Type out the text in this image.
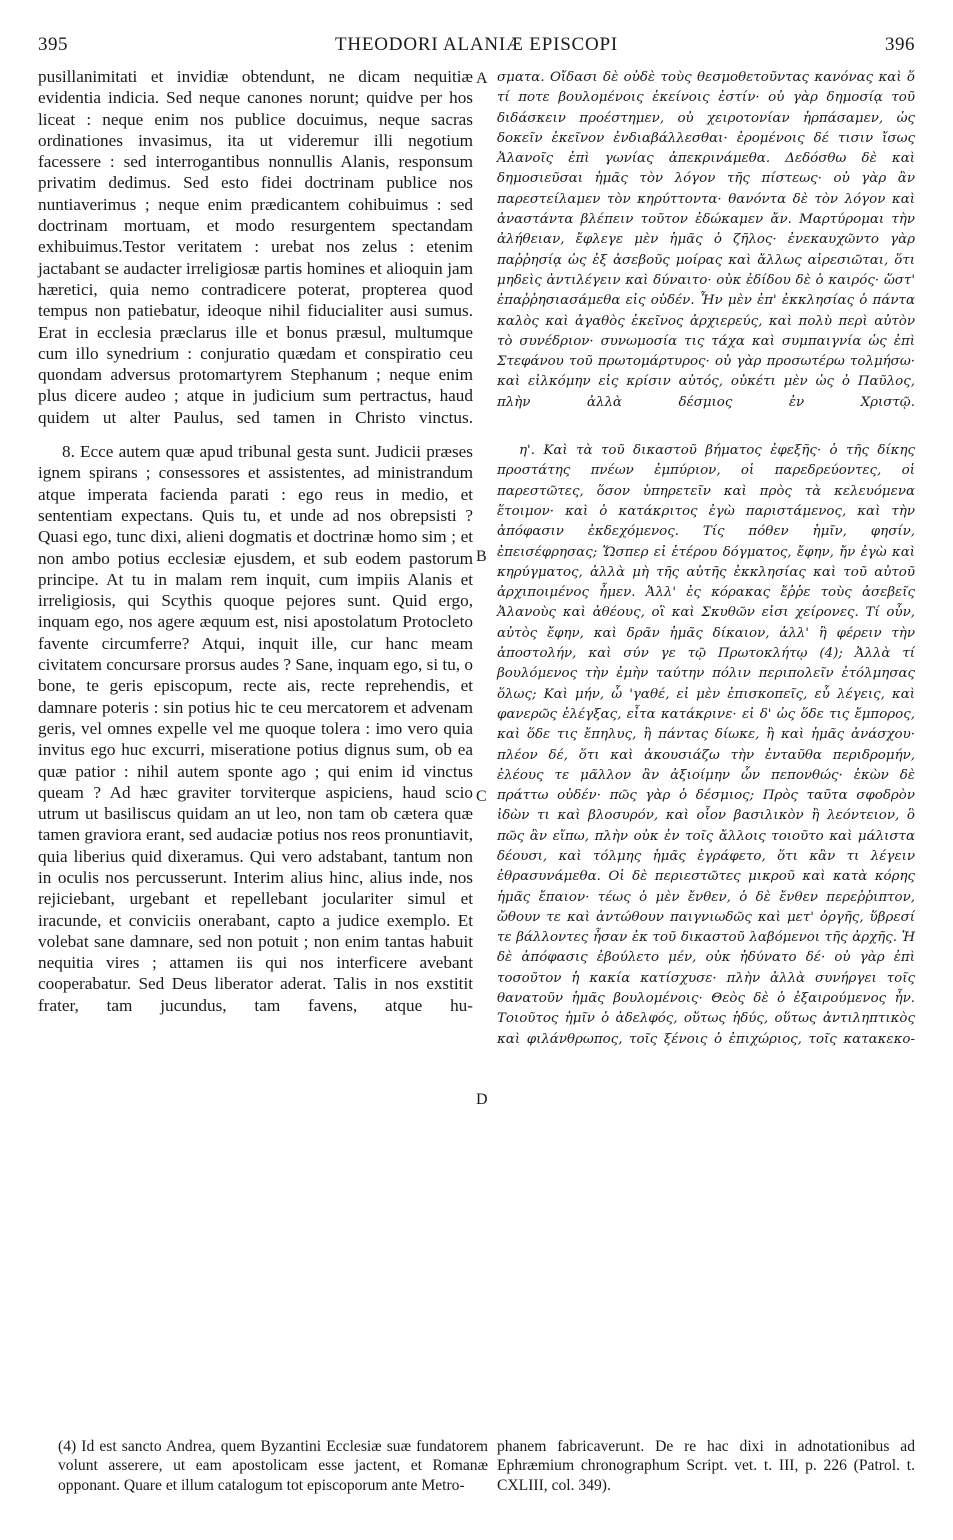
395	THEODORI ALANIÆ EPISCOPI	396

pusillanimitati et invidiæ obtendunt, ne dicam nequitiæ evidentia indicia. Sed neque canones norunt; quidve per hos liceat : neque enim nos publice docuimus, neque sacras ordinationes invasimus, ita ut videremur illi negotium facessere : sed interrogantibus nonnullis Alanis, responsum privatim dedimus. Sed esto fidei doctrinam publice nos nuntiaverimus ; neque enim prædicantem cohibuimus : sed doctrinam mortuam, et modo resurgentem spectandam exhibuimus.Testor veritatem : urebat nos zelus : etenim jactabant se audacter irreligiosæ partis homines et alioquin jam hæretici, quia nemo contradicere poterat, propterea quod tempus non patiebatur, ideoque nihil fiducialiter ausi sumus. Erat in ecclesia præclarus ille et bonus præsul, multumque cum illo synedrium : conjuratio quædam et conspiratio ceu quondam adversus protomartyrem Stephanum ; neque enim plus dicere audeo ; atque in judicium sum pertractus, haud quidem ut alter Paulus, sed tamen in Christo vinctus.

8. Ecce autem quæ apud tribunal gesta sunt. Judicii præses ignem spirans ; consessores et assistentes, ad ministrandum atque imperata facienda parati : ego reus in medio, et sententiam expectans. Quis tu, et unde ad nos obrepsisti ? Quasi ego, tunc dixi, alieni dogmatis et doctrinæ homo sim ; et non ambo potius ecclesiæ ejusdem, et sub eodem pastorum principe. At tu in malam rem inquit, cum impiis Alanis et irreligiosis, qui Scythis quoque pejores sunt. Quid ergo, inquam ego, nos agere æquum est, nisi apostolatum Protocleto favente circumferre? Atqui, inquit ille, cur hanc meam civitatem concursare prorsus audes ? Sane, inquam ego, si tu, o bone, te geris episcopum, recte ais, recte reprehendis, et damnare poteris : sin potius hic te ceu mercatorem et advenam geris, vel omnes expelle vel me quoque tolera : imo vero quia invitus ego huc excurri, miseratione potius dignus sum, ob ea quæ patior : nihil autem sponte ago ; qui enim id vinctus queam ? Ad hæc graviter torviterque aspiciens, haud scio utrum ut basiliscus quidam an ut leo, non tam ob cætera quæ tamen graviora erant, sed audaciæ potius nos reos pronuntiavit, quia liberius quid dixeramus. Qui vero adstabant, tantum non in oculis nos percusserunt. Interim alius hinc, alius inde, nos rejiciebant, urgebant et repellebant joculariter simul et iracunde, et conviciis onerabant, capto a judice exemplo. Et volebat sane damnare, sed non potuit ; non enim tantas habuit nequitia vires ; attamen iis qui nos interficere avebant cooperabatur. Sed Deus liberator aderat. Talis in nos exstitit frater, tam jucundus, tam favens, atque hu-

A
B
C
D

σματα. Οἴδασι δὲ οὐδὲ τοὺς θεσμοθετοῦντας κανόνας καὶ ὅ τί ποτε βουλομένοις ἐκείνοις ἐστίν· οὐ γὰρ δημοσίᾳ τοῦ διδάσκειν προέστημεν, οὐ χειροτονίαν ἡρπάσαμεν, ὡς δοκεῖν ἐκεῖνον ἐνδιαβάλλεσθαι· ἐρομένοις δέ τισιν ἴσως Ἀλανοῖς ἐπὶ γωνίας ἀπεκρινάμεθα. Δεδόσθω δὲ καὶ δημοσιεῦσαι ἡμᾶς τὸν λόγον τῆς πίστεως· οὐ γὰρ ἂν παρεστείλαμεν τὸν κηρύττοντα· θανόντα δὲ τὸν λόγον καὶ ἀναστάντα βλέπειν τοῦτον ἐδώκαμεν ἄν. Μαρτύρομαι τὴν ἀλήθειαν, ἔφλεγε μὲν ἡμᾶς ὁ ζῆλος· ἐνεκαυχῶντο γὰρ παῤῥησίᾳ ὡς ἐξ ἀσεβοῦς μοίρας καὶ ἄλλως αἱρεσιῶται, ὅτι μηδεὶς ἀντιλέγειν καὶ δύναιτο· οὐκ ἐδίδου δὲ ὁ καιρός· ὥστ' ἐπαῤῥησιασάμεθα εἰς οὐδέν. Ἦν μὲν ἐπ' ἐκκλησίας ὁ πάντα καλὸς καὶ ἀγαθὸς ἐκεῖνος ἀρχιερεύς, καὶ πολὺ περὶ αὐτὸν τὸ συνέδριον· συνωμοσία τις τάχα καὶ συμπαιγνία ὡς ἐπὶ Στεφάνου τοῦ πρωτομάρτυρος· οὐ γὰρ προσωτέρω τολμήσω· καὶ εἰλκόμην εἰς κρίσιν αὐτός, οὐκέτι μὲν ὡς ὁ Παῦλος, πλὴν ἀλλὰ δέσμιος ἐν Χριστῷ.

η'. Καὶ τὰ τοῦ δικαστοῦ βήματος ἐφεξῆς· ὁ τῆς δίκης προστάτης πνέων ἐμπύριον, οἱ παρεδρεύοντες, οἱ παρεστῶτες, ὅσον ὑπηρετεῖν καὶ πρὸς τὰ κελευόμενα ἕτοιμον· καὶ ὁ κατάκριτος ἐγὼ παριστάμενος, καὶ τὴν ἀπόφασιν ἐκδεχόμενος. Τίς πόθεν ἡμῖν, φησίν, ἐπεισέφρησας; Ὥσπερ εἰ ἑτέρου δόγματος, ἔφην, ἤν ἐγὼ καὶ κηρύγματος, ἀλλὰ μὴ τῆς αὐτῆς ἐκκλησίας καὶ τοῦ αὐτοῦ ἀρχιποιμένος ἦμεν. Ἀλλ' ἐς κόρακας ἔῤῥε τοὺς ἀσεβεῖς Ἀλανοὺς καὶ ἀθέους, οἳ καὶ Σκυθῶν εἰσι χείρονες. Τί οὖν, αὐτὸς ἔφην, καὶ δρᾶν ἡμᾶς δίκαιον, ἀλλ' ἢ φέρειν τὴν ἀποστολήν, καὶ σύν γε τῷ Πρωτοκλήτῳ (4); Ἀλλὰ τί βουλόμενος τὴν ἐμὴν ταύτην πόλιν περιπολεῖν ἐτόλμησας ὅλως; Καὶ μήν, ὦ 'γαθέ, εἰ μὲν ἐπισκοπεῖς, εὖ λέγεις, καὶ φανερῶς ἐλέγξας, εἶτα κατάκρινε· εἰ δ' ὡς ὅδε τις ἔμπορος, καὶ ὅδε τις ἔπηλυς, ἢ πάντας δίωκε, ἢ καὶ ἡμᾶς ἀνάσχου· πλέον δέ, ὅτι καὶ ἀκουσιάζω τὴν ἐνταῦθα περιδρομήν, ἐλέους τε μᾶλλον ἂν ἀξιοίμην ὧν πεπονθώς· ἑκὼν δὲ πράττω οὐδέν· πῶς γὰρ ὁ δέσμιος; Πρὸς ταῦτα σφοδρὸν ἰδὼν τι καὶ βλοσυρόν, καὶ οἷον βασιλικὸν ἢ λεόντειον, ὃ πῶς ἂν εἴπω, πλὴν οὐκ ἐν τοῖς ἄλλοις τοιοῦτο καὶ μάλιστα δέουσι, καὶ τόλμης ἡμᾶς ἐγράφετο, ὅτι κἂν τι λέγειν ἐθρασυνάμεθα. Οἱ δὲ περιεστῶτες μικροῦ καὶ κατὰ κόρης ἡμᾶς ἔπαιον· τέως ὁ μὲν ἔνθεν, ὁ δὲ ἔνθεν περεῤῥιπτον, ὤθουν τε καὶ ἀντώθουν παιγνιωδῶς καὶ μετ' ὀργῆς, ὕβρεσί τε βάλλοντες ἦσαν ἐκ τοῦ δικαστοῦ λαβόμενοι τῆς ἀρχῆς. Ἡ δὲ ἀπόφασις ἐβούλετο μέν, οὐκ ἠδύνατο δέ· οὐ γὰρ ἐπὶ τοσοῦτον ἡ κακία κατίσχυσε· πλὴν ἀλλὰ συνήργει τοῖς θανατοῦν ἡμᾶς βουλομένοις· Θεὸς δὲ ὁ ἐξαιρούμενος ἦν. Τοιοῦτος ἡμῖν ὁ ἀδελφός, οὕτως ἡδύς, οὕτως ἀντιληπτικὸς καὶ φιλάνθρωπος, τοῖς ξένοις ὁ ἐπιχώριος, τοῖς κατακεκο-

(4) Id est sancto Andrea, quem Byzantini Ecclesiæ suæ fundatorem volunt asserere, ut eam apostolicam esse jactent, et Romanæ opponant. Quare et illum catalogum tot episcoporum ante Metro-

phanem fabricaverunt. De re hac dixi in adnotationibus ad Ephræmium chronographum Script. vet. t. III, p. 226 (Patrol. t. CXLIII, col. 349).
